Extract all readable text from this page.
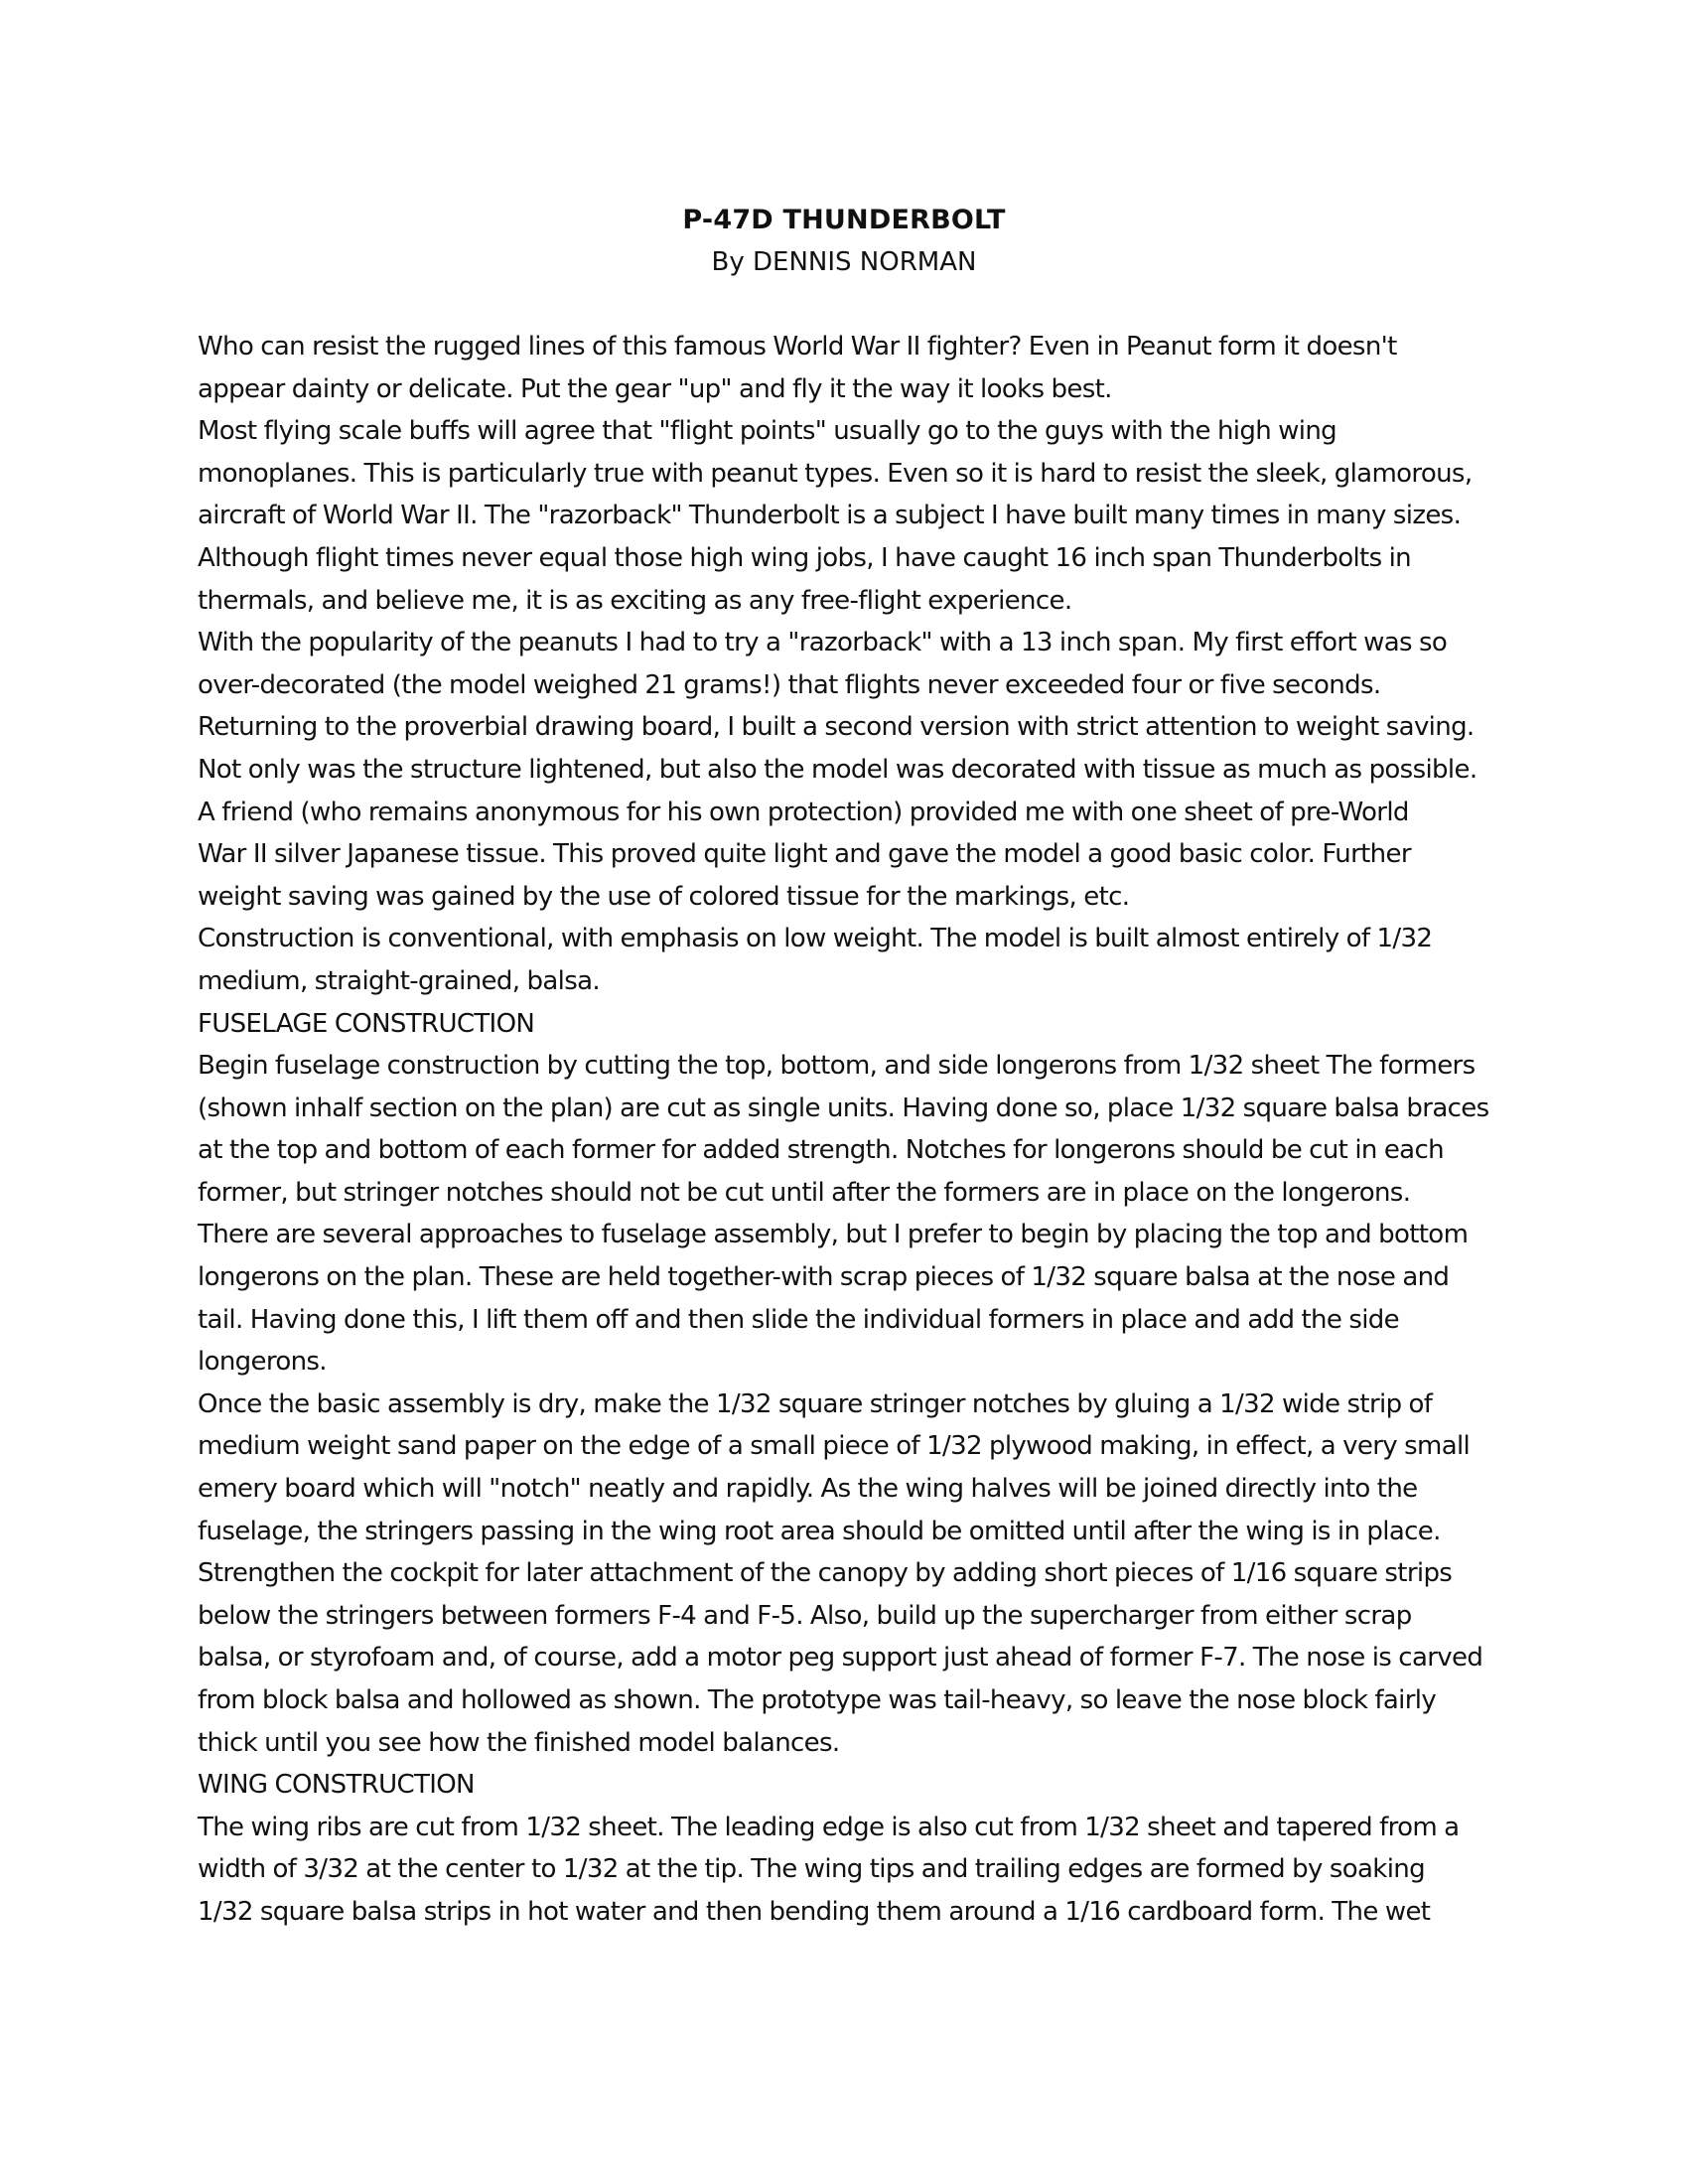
P-47D THUNDERBOLT
By DENNIS NORMAN
Who can resist the rugged lines of this famous World War II fighter? Even in Peanut form it doesn't
appear dainty or delicate. Put the gear "up" and fly it the way it looks best.
Most flying scale buffs will agree that "flight points" usually go to the guys with the high wing
monoplanes. This is particularly true with peanut types. Even so it is hard to resist the sleek, glamorous,
aircraft of World War II. The "razorback" Thunderbolt is a subject I have built many times in many sizes.
Although flight times never equal those high wing jobs, I have caught 16 inch span Thunderbolts in
thermals, and believe me, it is as exciting as any free-flight experience.
With the popularity of the peanuts I had to try a "razorback" with a 13 inch span. My first effort was so
over-decorated (the model weighed 21 grams!) that flights never exceeded four or five seconds.
Returning to the proverbial drawing board, I built a second version with strict attention to weight saving.
Not only was the structure lightened, but also the model was decorated with tissue as much as possible.
A friend (who remains anonymous for his own protection) provided me with one sheet of pre-World
War II silver Japanese tissue. This proved quite light and gave the model a good basic color. Further
weight saving was gained by the use of colored tissue for the markings, etc.
Construction is conventional, with emphasis on low weight. The model is built almost entirely of 1/32
medium, straight-grained, balsa.
FUSELAGE CONSTRUCTION
Begin fuselage construction by cutting the top, bottom, and side longerons from 1/32 sheet The formers
(shown inhalf section on the plan) are cut as single units. Having done so, place 1/32 square balsa braces
at the top and bottom of each former for added strength. Notches for longerons should be cut in each
former, but stringer notches should not be cut until after the formers are in place on the longerons.
There are several approaches to fuselage assembly, but I prefer to begin by placing the top and bottom
longerons on the plan. These are held together-with scrap pieces of 1/32 square balsa at the nose and
tail. Having done this, I lift them off and then slide the individual formers in place and add the side
longerons.
Once the basic assembly is dry, make the 1/32 square stringer notches by gluing a 1/32 wide strip of
medium weight sand paper on the edge of a small piece of 1/32 plywood making, in effect, a very small
emery board which will "notch" neatly and rapidly. As the wing halves will be joined directly into the
fuselage, the stringers passing in the wing root area should be omitted until after the wing is in place.
Strengthen the cockpit for later attachment of the canopy by adding short pieces of 1/16 square strips
below the stringers between formers F-4 and F-5. Also, build up the supercharger from either scrap
balsa, or styrofoam and, of course, add a motor peg support just ahead of former F-7. The nose is carved
from block balsa and hollowed as shown. The prototype was tail-heavy, so leave the nose block fairly
thick until you see how the finished model balances.
WING CONSTRUCTION
The wing ribs are cut from 1/32 sheet. The leading edge is also cut from 1/32 sheet and tapered from a
width of 3/32 at the center to 1/32 at the tip. The wing tips and trailing edges are formed by soaking
1/32 square balsa strips in hot water and then bending them around a 1/16 cardboard form. The wet
